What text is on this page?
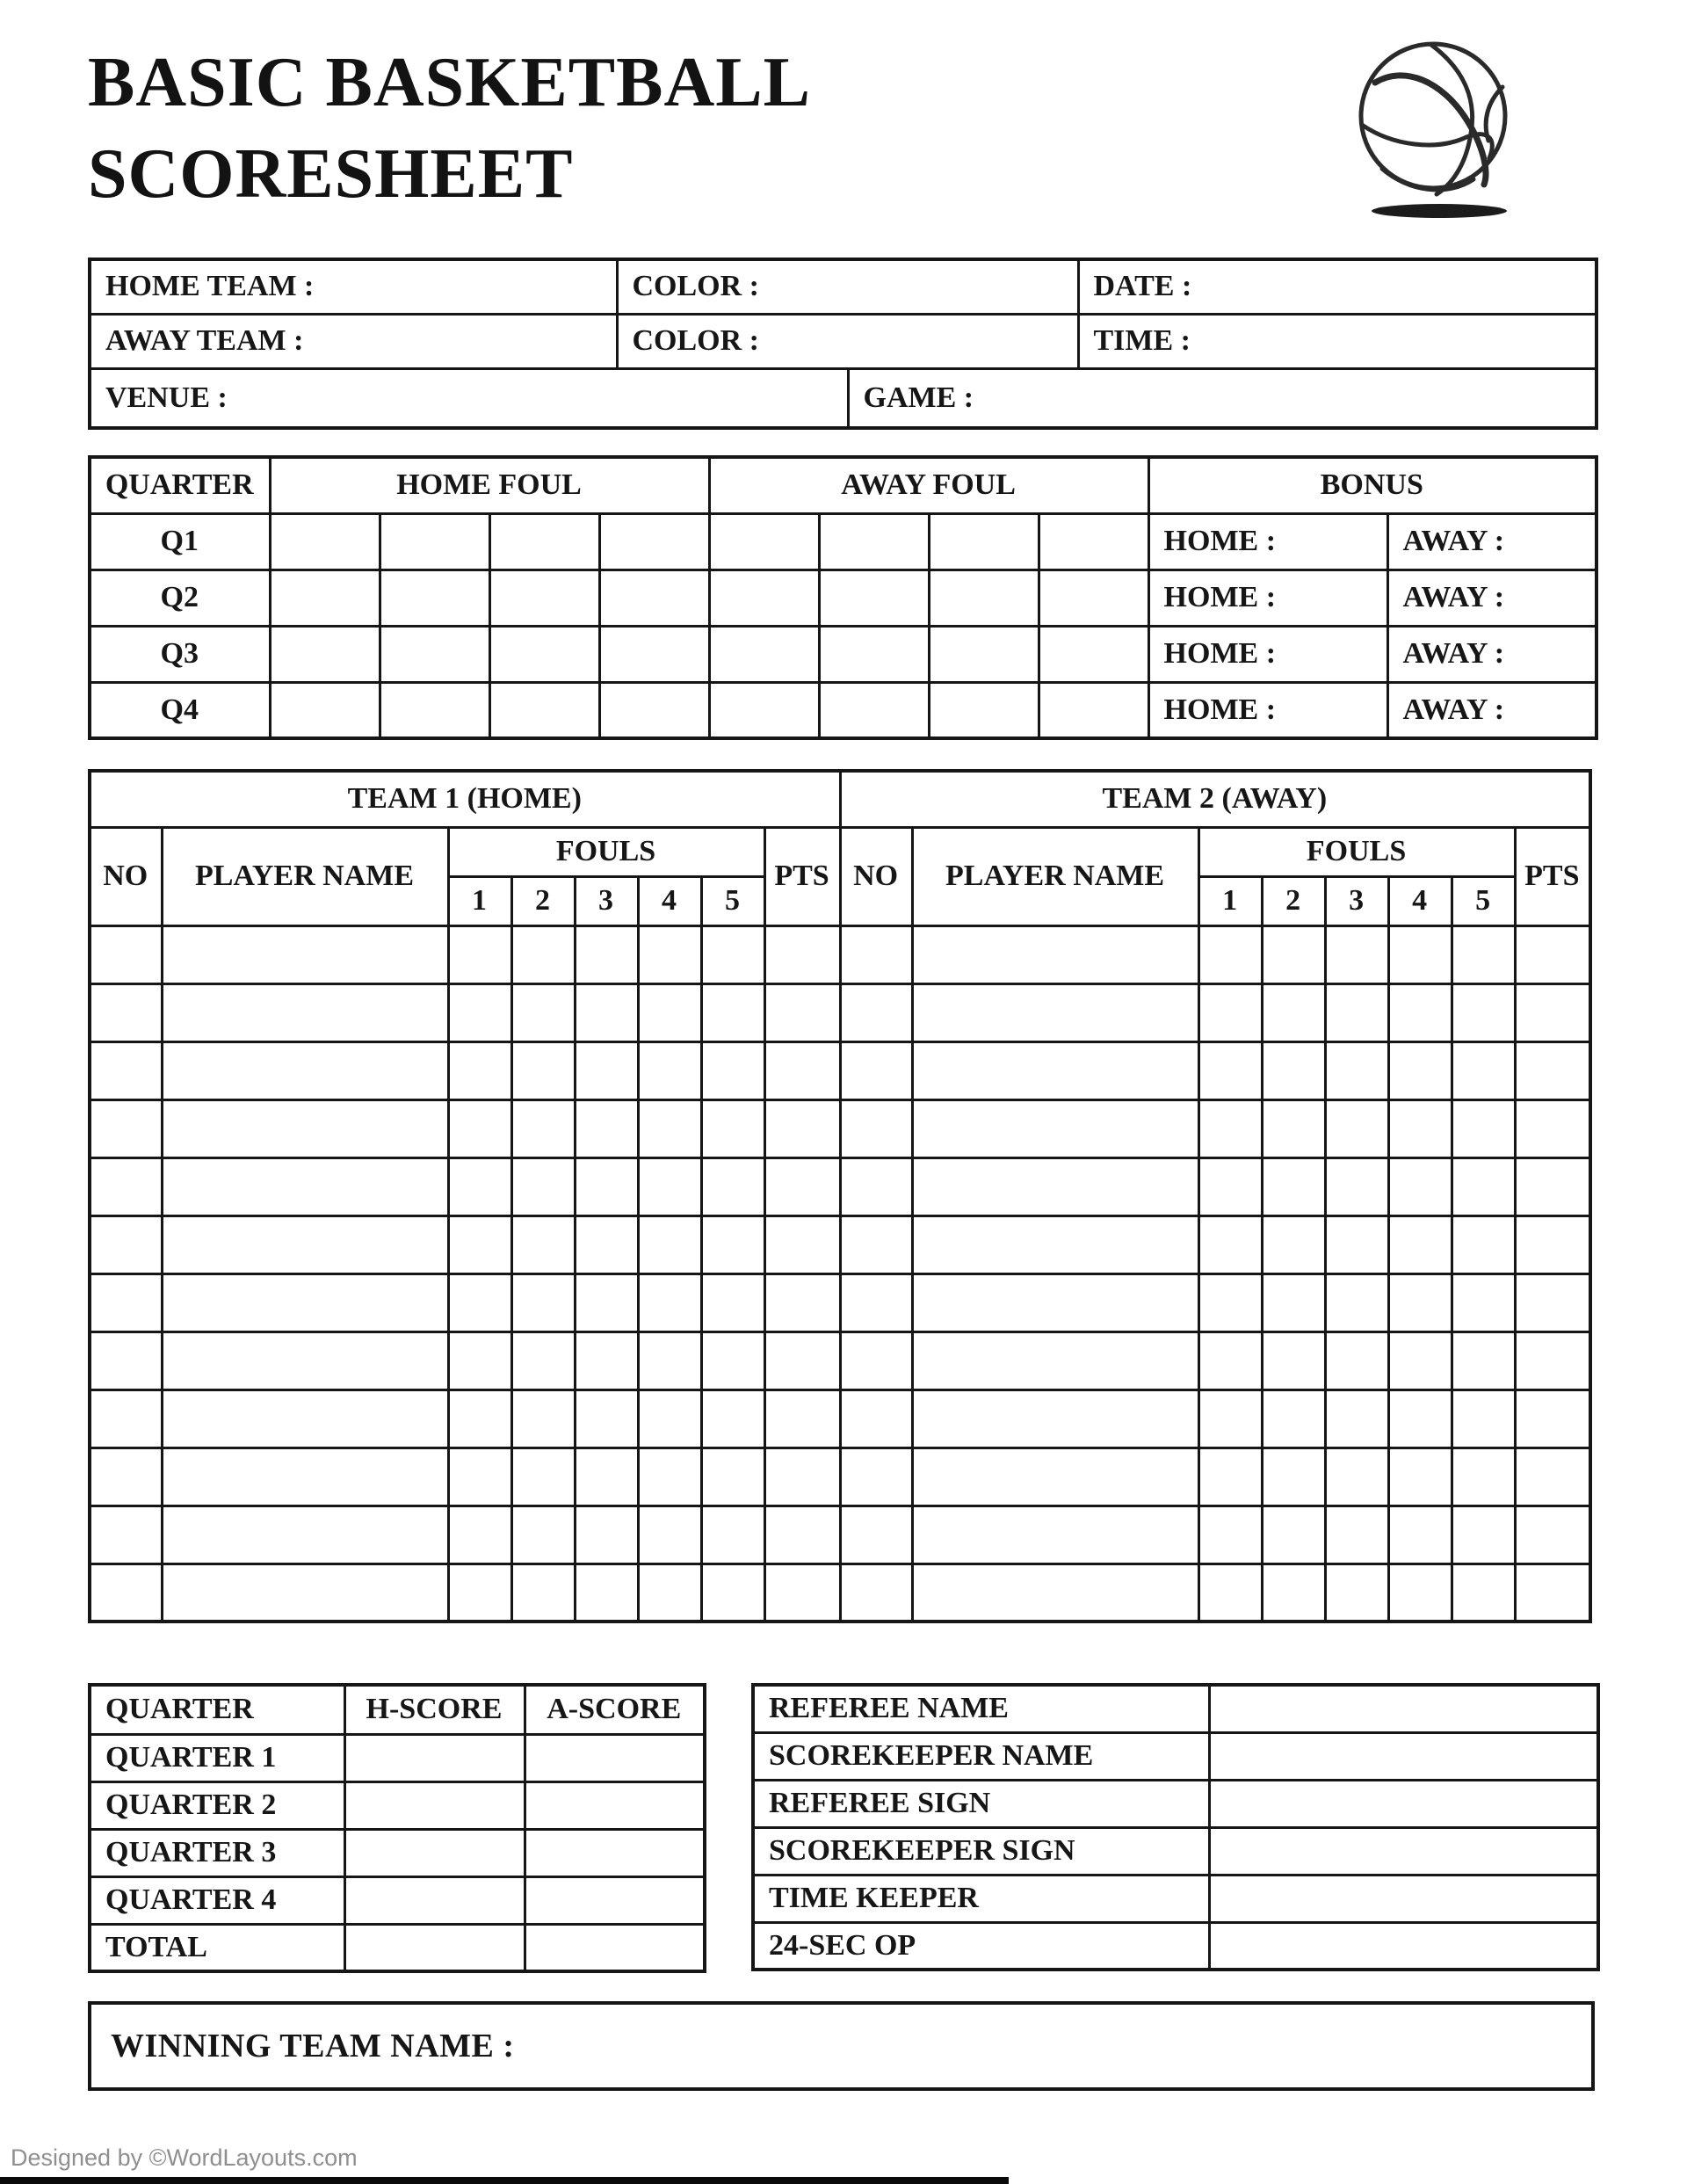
BASIC BASKETBALL
SCORESHEET
HOME TEAM :	COLOR :		DATE :
AWAY TEAM :	COLOR :		TIME :
VENUE :		GAME :	
QUARTER	HOME FOUL				AWAY FOUL				BONUS	
Q1									HOME :	AWAY :
Q2									HOME :	AWAY :
Q3									HOME :	AWAY :
Q4									HOME :	AWAY :
TEAM 1 (HOME)								TEAM 2 (AWAY)							
NO	PLAYER NAME	FOULS					PTS	NO	PLAYER NAME	FOULS					PTS
		1	2	3	4	5				1	2	3	4	5	

QUARTER	H-SCORE	A-SCORE
QUARTER 1		
QUARTER 2		
QUARTER 3		
QUARTER 4		
TOTAL		
REFEREE NAME	
SCOREKEEPER NAME	
REFEREE SIGN	
SCOREKEEPER SIGN	
TIME KEEPER	
24-SEC OP	
WINNING TEAM NAME :
Designed by ©WordLayouts.com
